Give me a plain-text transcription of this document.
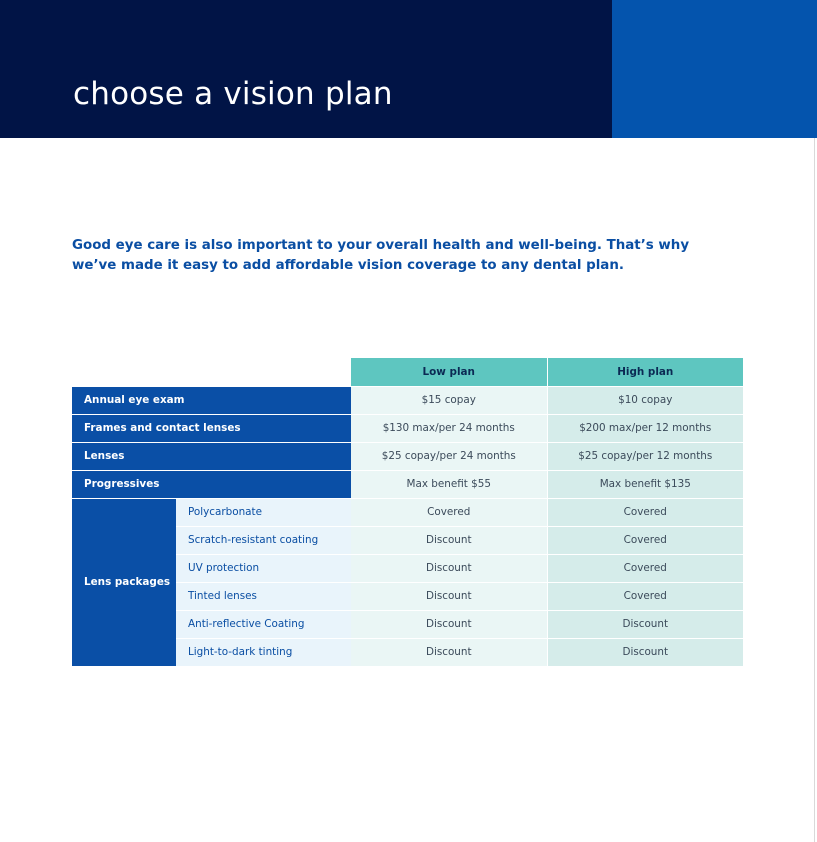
choose a vision plan

Good eye care is also important to your overall health and well-being. That’s why we’ve made it easy to add affordable vision coverage to any dental plan.

		Low plan	High plan
Annual eye exam		$15 copay	$10 copay
Frames and contact lenses		$130 max/per 24 months	$200 max/per 12 months
Lenses		$25 copay/per 24 months	$25 copay/per 12 months
Progressives		Max benefit $55	Max benefit $135
Lens packages	Polycarbonate	Covered	Covered
	Scratch-resistant coating	Discount	Covered
	UV protection	Discount	Covered
	Tinted lenses	Discount	Covered
	Anti-reflective Coating	Discount	Discount
	Light-to-dark tinting	Discount	Discount
